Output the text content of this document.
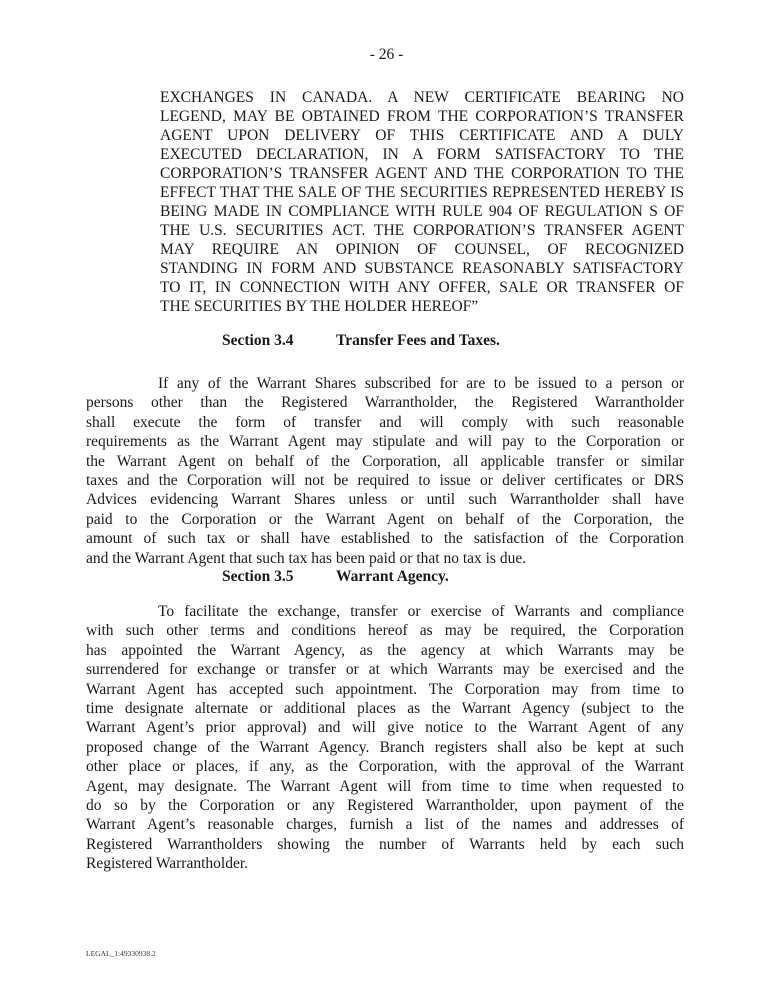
- 26 -
EXCHANGES IN CANADA. A NEW CERTIFICATE BEARING NO
LEGEND, MAY BE OBTAINED FROM THE CORPORATION’S TRANSFER
AGENT UPON DELIVERY OF THIS CERTIFICATE AND A DULY
EXECUTED DECLARATION, IN A FORM SATISFACTORY TO THE
CORPORATION’S TRANSFER AGENT AND THE CORPORATION TO THE
EFFECT THAT THE SALE OF THE SECURITIES REPRESENTED HEREBY IS
BEING MADE IN COMPLIANCE WITH RULE 904 OF REGULATION S OF
THE U.S. SECURITIES ACT. THE CORPORATION’S TRANSFER AGENT
MAY REQUIRE AN OPINION OF COUNSEL, OF RECOGNIZED
STANDING IN FORM AND SUBSTANCE REASONABLY SATISFACTORY
TO IT, IN CONNECTION WITH ANY OFFER, SALE OR TRANSFER OF
THE SECURITIES BY THE HOLDER HEREOF”
Section 3.4	Transfer Fees and Taxes.
If any of the Warrant Shares subscribed for are to be issued to a person or
persons other than the Registered Warrantholder, the Registered Warrantholder
shall execute the form of transfer and will comply with such reasonable
requirements as the Warrant Agent may stipulate and will pay to the Corporation or
the Warrant Agent on behalf of the Corporation, all applicable transfer or similar
taxes and the Corporation will not be required to issue or deliver certificates or DRS
Advices evidencing Warrant Shares unless or until such Warrantholder shall have
paid to the Corporation or the Warrant Agent on behalf of the Corporation, the
amount of such tax or shall have established to the satisfaction of the Corporation
and the Warrant Agent that such tax has been paid or that no tax is due.
Section 3.5	Warrant Agency.
To facilitate the exchange, transfer or exercise of Warrants and compliance
with such other terms and conditions hereof as may be required, the Corporation
has appointed the Warrant Agency, as the agency at which Warrants may be
surrendered for exchange or transfer or at which Warrants may be exercised and the
Warrant Agent has accepted such appointment. The Corporation may from time to
time designate alternate or additional places as the Warrant Agency (subject to the
Warrant Agent’s prior approval) and will give notice to the Warrant Agent of any
proposed change of the Warrant Agency. Branch registers shall also be kept at such
other place or places, if any, as the Corporation, with the approval of the Warrant
Agent, may designate. The Warrant Agent will from time to time when requested to
do so by the Corporation or any Registered Warrantholder, upon payment of the
Warrant Agent’s reasonable charges, furnish a list of the names and addresses of
Registered Warrantholders showing the number of Warrants held by each such
Registered Warrantholder.
LEGAL_1:49330938.2
